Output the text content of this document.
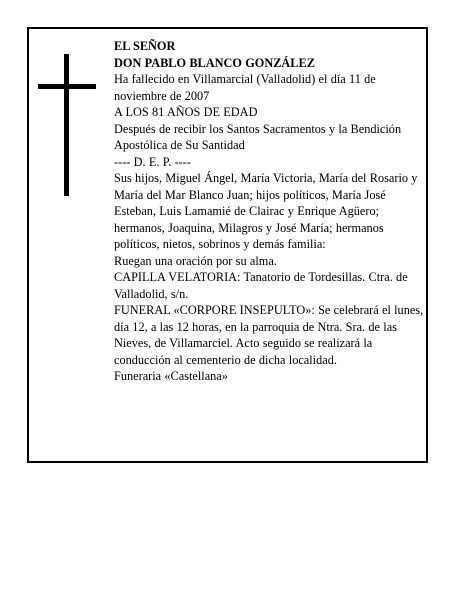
EL SEÑOR

DON PABLO BLANCO GONZÁLEZ

Ha fallecido en Villamarcial (Valladolid) el día 11 de noviembre de 2007

A LOS 81 AÑOS DE EDAD

Después de recibir los Santos Sacramentos y la Bendición Apostólica de Su Santidad

---- D. E. P. ----

Sus hijos, Miguel Ángel, María Victoria, María del Rosario y María del Mar Blanco Juan; hijos políticos, María José Esteban, Luis Lamamié de Clairac y Enrique Agüero; hermanos, Joaquina, Milagros y José María; hermanos políticos, nietos, sobrinos y demás familia:

Ruegan una oración por su alma.

CAPILLA VELATORIA: Tanatorio de Tordesillas. Ctra. de Valladolid, s/n.

FUNERAL «CORPORE INSEPULTO»: Se celebrará el lunes, día 12, a las 12 horas, en la parroquia de Ntra. Sra. de las Nieves, de Villamarciel. Acto seguido se realizará la conducción al cementerio de dicha localidad.

Funeraria «Castellana»
